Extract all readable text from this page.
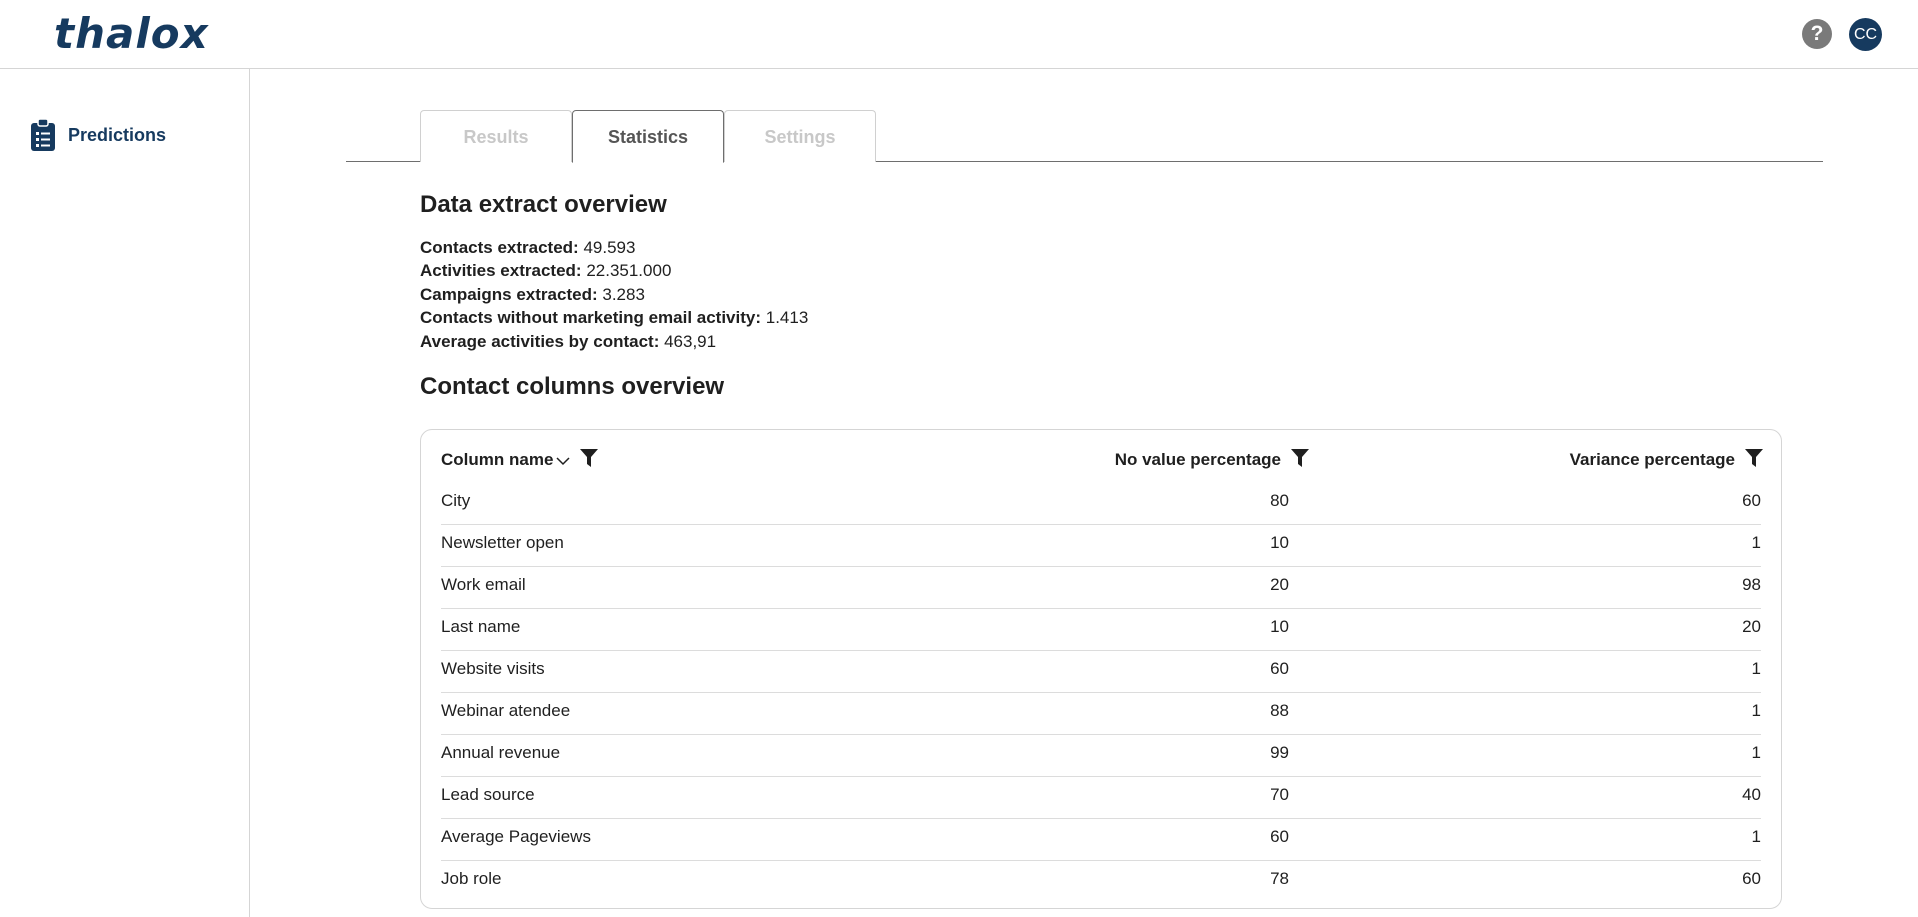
thalox	?	CC
Predictions	Results	Statistics	Settings
Data extract overview
Contacts extracted: 49.593
Activities extracted: 22.351.000
Campaigns extracted: 3.283
Contacts without marketing email activity: 1.413
Average activities by contact: 463,91
Contact columns overview
Column name	No value percentage	Variance percentage
City	80	60
Newsletter open	10	1
Work email	20	98
Last name	10	20
Website visits	60	1
Webinar atendee	88	1
Annual revenue	99	1
Lead source	70	40
Average Pageviews	60	1
Job role	78	60
